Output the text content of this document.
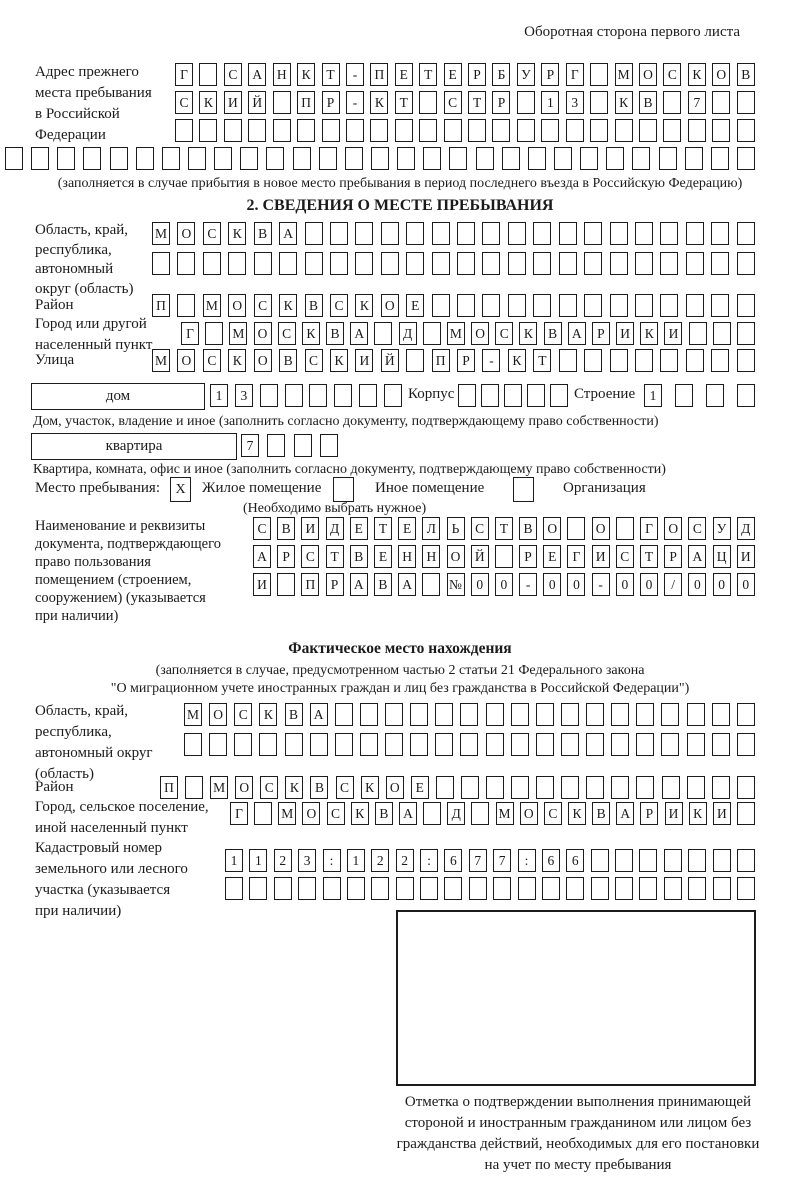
Оборотная сторона первого листа
Адрес прежнего
места пребывания
в Российской
Федерации
Г	С	А	Н	К	Т	-	П	Е	Т	Е	Р	Б	У	Р	Г	М	О	С	К	О	В
С	К	И	Й	П	Р	-	К	Т	С	Т	Р	1	3	К	В	7
(заполняется в случае прибытия в новое место пребывания в период последнего въезда в Российскую Федерацию)
2. СВЕДЕНИЯ О МЕСТЕ ПРЕБЫВАНИЯ
Область, край,
республика,
автономный
округ (область)
М	О	С	К	В	А
Район	П	М	О	С	К	В	С	К	О	Е
Город или другой
населенный пункт
Г	М О	С	К	В	А	Д	М О	С	К	В	А	Р	И	К	И
Улица	М	О	С	К	О	В	С	К	И	Й	П	Р	-	К	Т
дом	1	3	Корпус	Строение	1
Дом, участок, владение и иное (заполнить согласно документу, подтверждающему право собственности)
квартира	7
Квартира, комната, офис и иное (заполнить согласно документу, подтверждающему право собственности)
Место пребывания:	X	Жилое помещение	Иное помещение	Организация
(Необходимо выбрать нужное)
Наименование и реквизиты
документа, подтверждающего
право пользования
помещением (строением,
сооружением) (указывается
при наличии)
С	В	И	Д	Е	Т	Е	Л	Ь	С	Т	В	О	О	Г	О	С	У	Д
А	Р	С	Т	В	Е	Н	Н	О	Й	Р	Е	Г	И	С	Т	Р	А	Ц	И
И	П	Р	А	В	А	№	0	0	-	0	0	-	0	0	/	0	0	0
Фактическое место нахождения
(заполняется в случае, предусмотренном частью 2 статьи 21 Федерального закона
"О миграционном учете иностранных граждан и лиц без гражданства в Российской Федерации")
Область, край,
республика,
автономный округ
(область)
М	О	С	К	В	А
Район	П	М	О	С	К	В	С	К	О	Е
Город, сельское поселение,
иной населенный пункт
Г	М О	С	К	В	А	Д	М О	С	К	В	А	Р	И	К	И
Кадастровый номер
земельного или лесного
участка (указывается
при наличии)
1	1	2	3	:	1	2	2	:	6	7	7	:	6	6
Отметка о подтверждении выполнения принимающей
стороной и иностранным гражданином или лицом без
гражданства действий, необходимых для его постановки
на учет по месту пребывания
